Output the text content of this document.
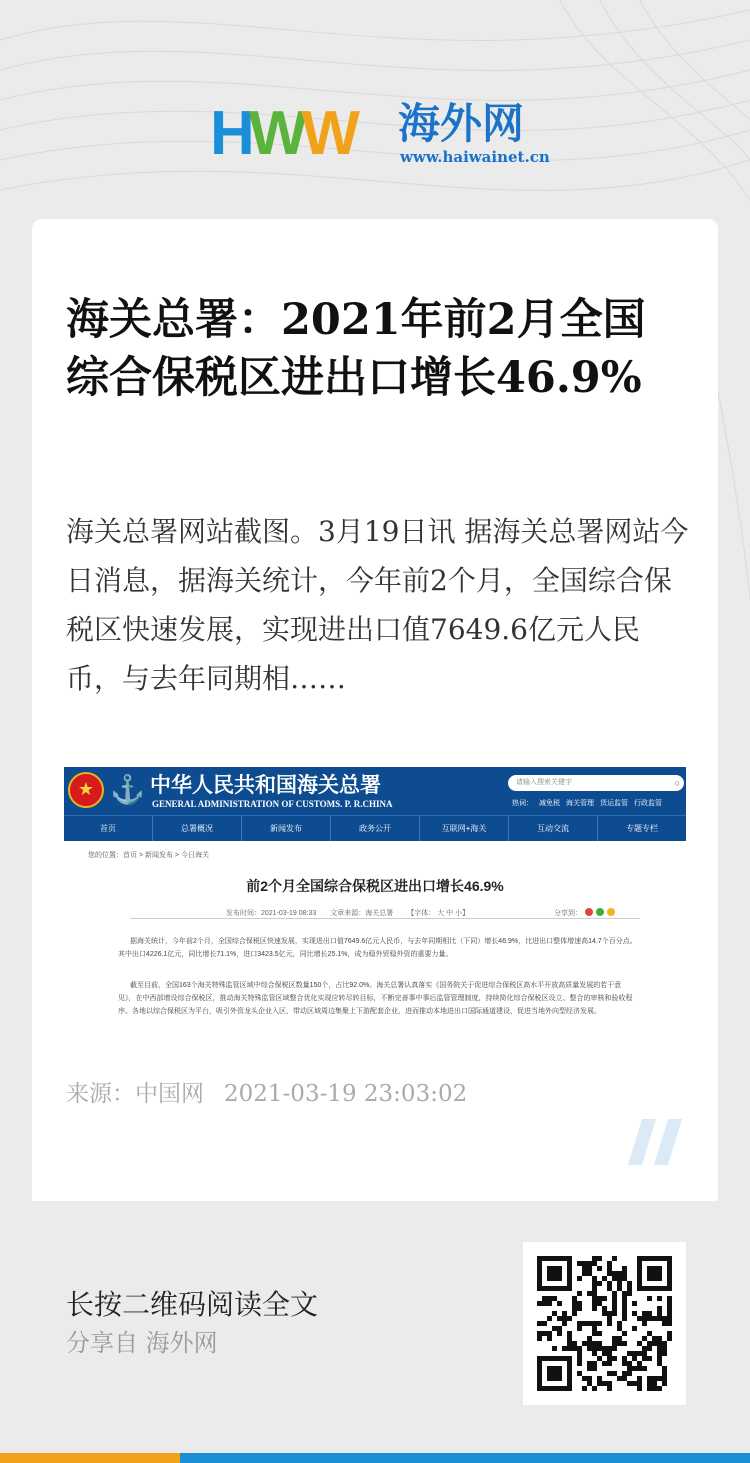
HWW 海外网
www.haiwainet.cn
海关总署：2021年前2月全国综合保税区进出口增长46.9%

海关总署网站截图。3月19日讯 据海关总署网站今日消息，据海关统计，今年前2个月，全国综合保税区快速发展，实现进出口值7649.6亿元人民币，与去年同期相……

★ ⚓ 中华人民共和国海关总署
GENERAL ADMINISTRATION OF CUSTOMS. P. R.CHINA
请输入搜索关键字	○
热词： 减免税 海关管理 货运监管 行政监管
首页	总署概况	新闻发布	政务公开	互联网+海关	互动交流	专题专栏
您的位置：首页 > 新闻发布 > 今日海关
前2个月全国综合保税区进出口增长46.9%
发布时间：2021-03-19 08:33 文章来源：海关总署 【字体： 大 中 小】	分享到：

据海关统计，今年前2个月，全国综合保税区快速发展，实现进出口值7649.6亿元人民币，与去年同期相比（下同）增长46.9%，比进出口整体增速高14.7个百分点。其中出口4226.1亿元，同比增长71.1%，进口3423.5亿元，同比增长25.1%，成为稳外贸稳外资的重要力量。

截至目前，全国163个海关特殊监管区域中综合保税区数量150个，占比92.0%。海关总署认真落实《国务院关于促进综合保税区高水平开放高质量发展的若干意见》，在中西部增设综合保税区，推动海关特殊监管区域整合优化实现应转尽转目标，不断完善事中事后监管管理制度，持续简化综合保税区设立、整合的审核和验收程序。各地以综合保税区为平台，吸引外资龙头企业入区，带动区域周边集聚上下游配套企业，进而推动本地进出口国际通道建设，促进当地外向型经济发展。

来源：中国网 2021-03-19 23:03:02
长按二维码阅读全文
分享自 海外网
